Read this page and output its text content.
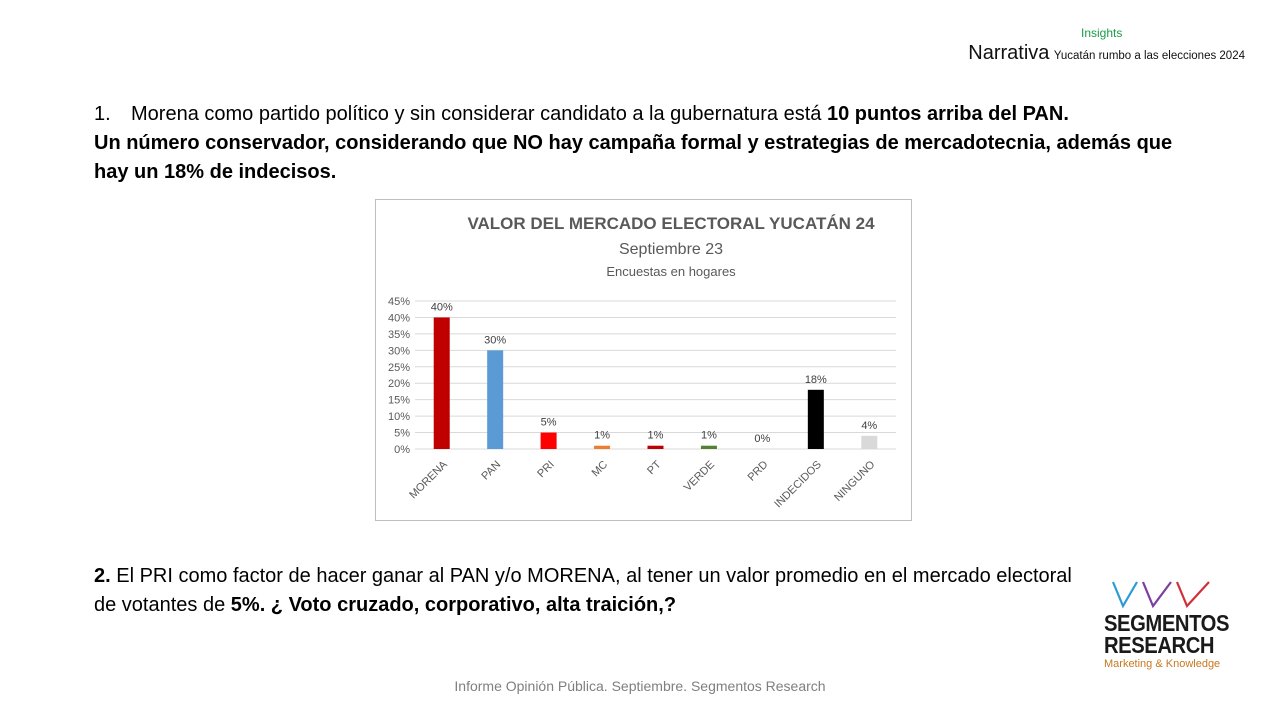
Insights
Narrativa Yucatán rumbo a las elecciones 2024
1. Morena como partido político y sin considerar candidato a la gubernatura está 10 puntos arriba del PAN.
Un número conservador, considerando que NO hay campaña formal y estrategias de mercadotecnia, además que hay un 18% de indecisos.
VALOR DEL MERCADO ELECTORAL YUCATÁN 24
Septiembre 23
Encuestas en hogares
0%
5%
10%
15%
20%
25%
30%
35%
40%
45% 40%
MORENA
30%
PAN
5%
PRI
1%
MC
1%
PT
1%
VERDE
0%
PRD
18%
INDECIDOS
4%
NINGUNO
2. El PRI como factor de hacer ganar al PAN y/o MORENA, al tener un valor promedio en el mercado electoral de votantes de 5%. ¿ Voto cruzado, corporativo, alta traición,?
SEGMENTOS
RESEARCH
Marketing & Knowledge
Informe Opinión Pública. Septiembre. Segmentos Research
